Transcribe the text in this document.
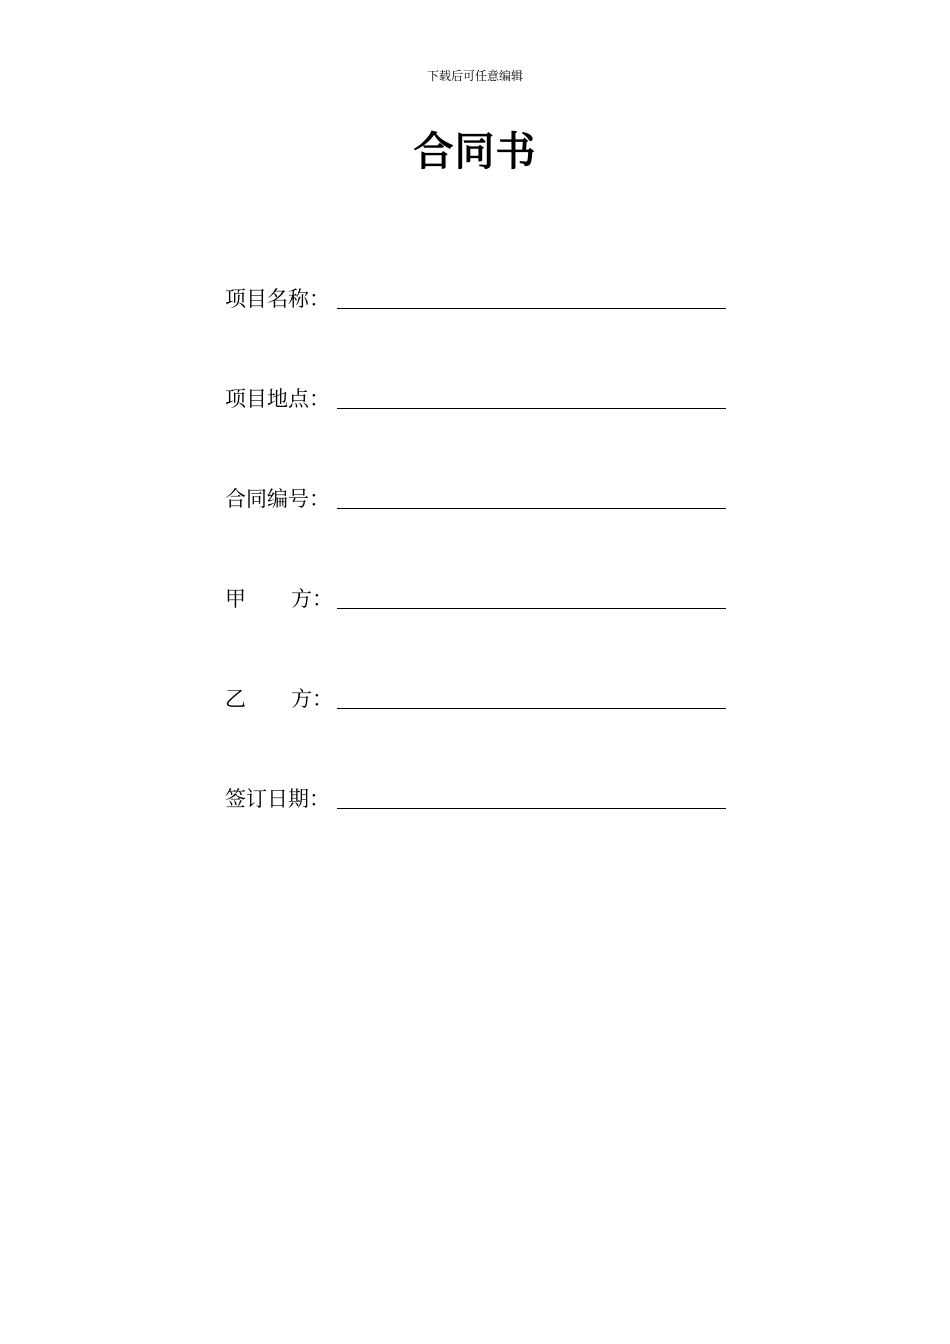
下载后可任意编辑
合同书
项目名称：
项目地点：
合同编号：
甲 方：
乙 方：
签订日期：
